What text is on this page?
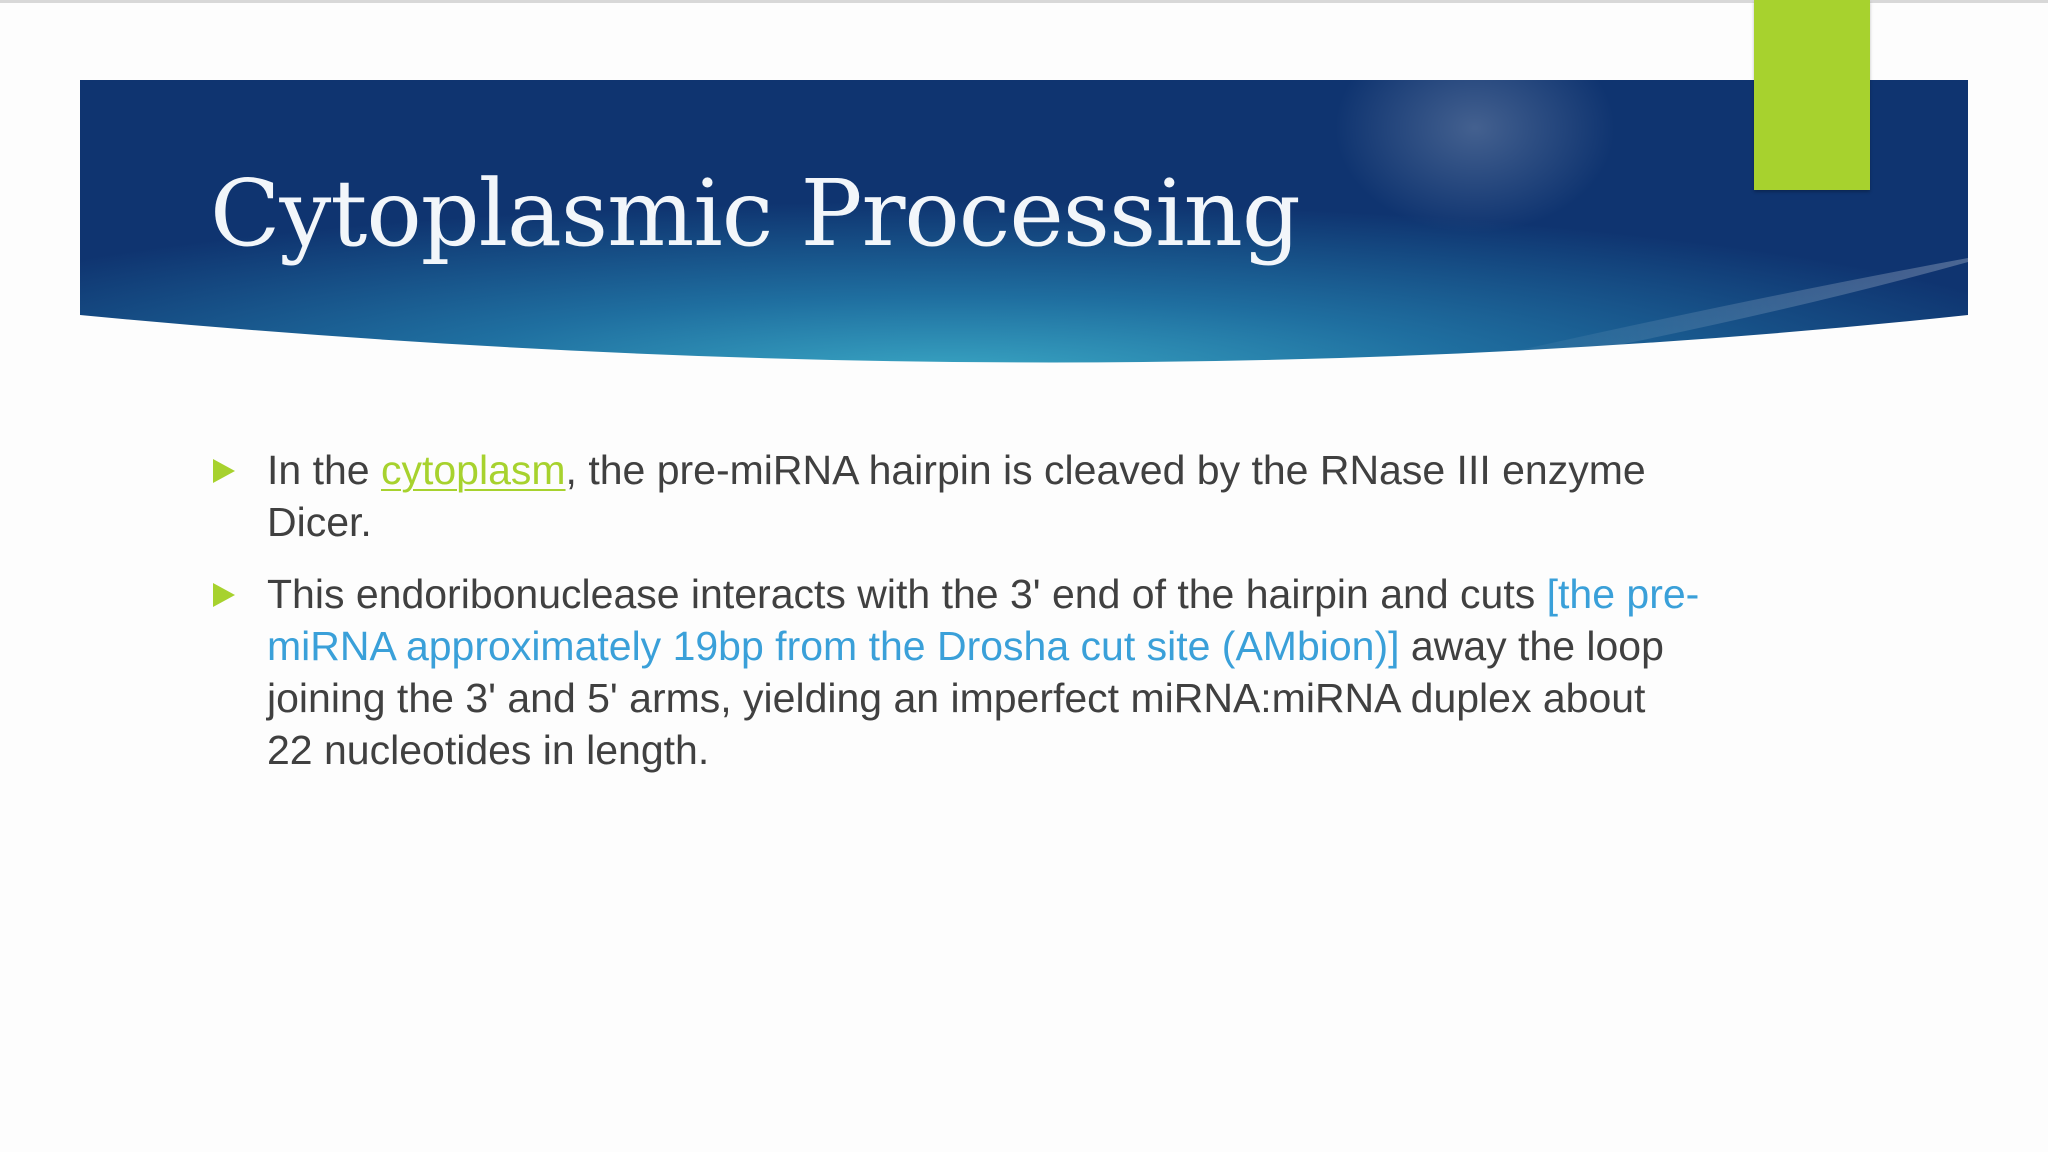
Cytoplasmic Processing
In the cytoplasm, the pre-miRNA hairpin is cleaved by the RNase III enzyme Dicer.
This endoribonuclease interacts with the 3' end of the hairpin and cuts [the pre-miRNA approximately 19bp from the Drosha cut site (AMbion)] away the loop joining the 3' and 5' arms, yielding an imperfect miRNA:miRNA duplex about 22 nucleotides in length.
